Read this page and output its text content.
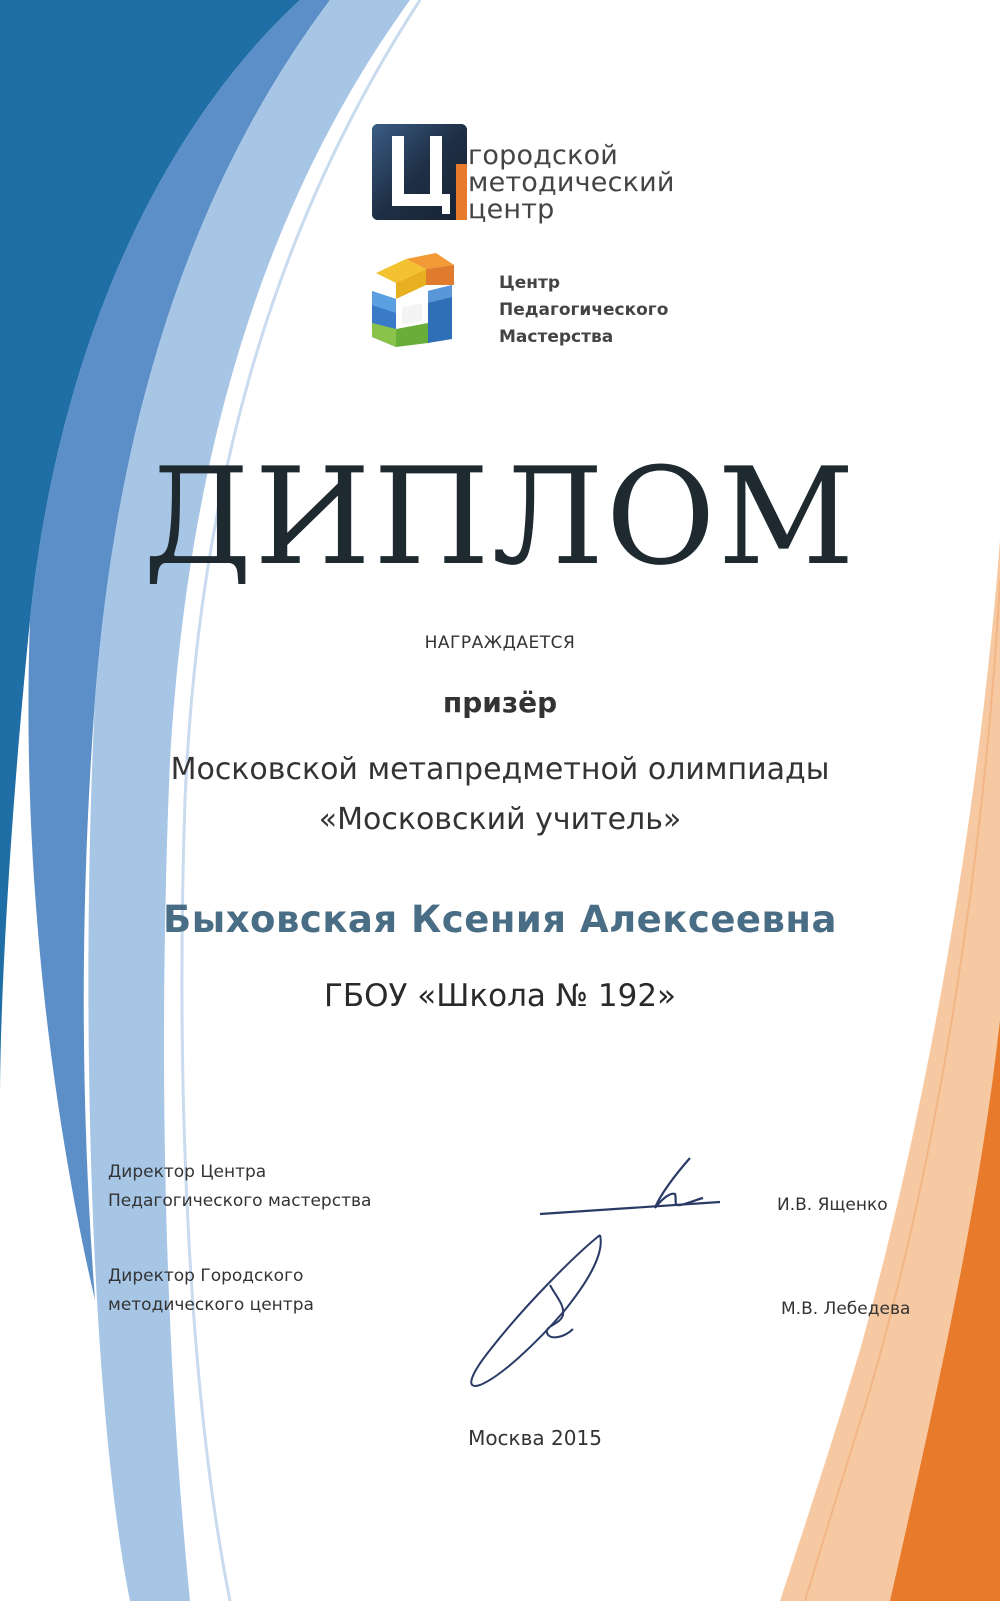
городской
методический
центр
Центр
Педагогического
Мастерства
ДИПЛОМ
НАГРАЖДАЕТСЯ
призёр
Московской метапредметной олимпиады
«Московский учитель»
Быховская Ксения Алексеевна
ГБОУ «Школа № 192»
Директор Центра
Педагогического мастерства	И.В. Ященко
Директор Городского
методического центра	М.В. Лебедева
Москва 2015
